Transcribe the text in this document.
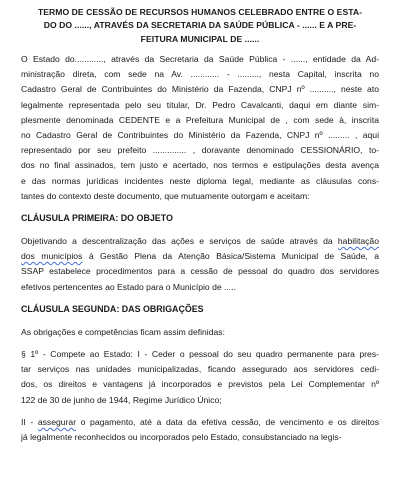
TERMO DE CESSÃO DE RECURSOS HUMANOS CELEBRADO ENTRE O ESTA-
DO DO ......, ATRAVÉS DA SECRETARIA DA SAÚDE PÚBLICA - ...... E A PRE-
FEITURA MUNICIPAL DE ......
O Estado do............, através da Secretaria da Saúde Pública - ......, entidade da Ad-
ministração direta, com sede na Av. ............ - ........., nesta Capital, inscrita no
Cadastro Geral de Contribuintes do Ministério da Fazenda, CNPJ nº .........., neste ato
legalmente representada pelo seu titular, Dr. Pedro Cavalcanti, daqui em diante sim-
plesmente denominada CEDENTE e a Prefeitura Municipal de , com sede à, inscrita
no Cadastro Geral de Contribuintes do Ministério da Fazenda, CNPJ nº ......... , aqui
representado por seu prefeito .............. , doravante denominado CESSIONÁRIO, to-
dos no final assinados, tem justo e acertado, nos termos e estipulações desta avença
e das normas jurídicas incidentes neste diploma legal, mediante as cláusulas cons-
tantes do contexto deste documento, que mutuamente outorgam e aceitam:
CLÁUSULA PRIMEIRA: DO OBJETO
Objetivando a descentralização das ações e serviços de saúde através da habilitação
dos municípios à Gestão Plena da Atenção Básica/Sistema Municipal de Saúde, a
SSAP estabelece procedimentos para a cessão de pessoal do quadro dos servidores
efetivos pertencentes ao Estado para o Município de .....
CLÁUSULA SEGUNDA: DAS OBRIGAÇÕES
As obrigações e competências ficam assim definidas:
§ 1º - Compete ao Estado: I - Ceder o pessoal do seu quadro permanente para pres-
tar serviços nas unidades municipalizadas, ficando assegurado aos servidores cedi-
dos, os direitos e vantagens já incorporados e previstos pela Lei Complementar nº
122 de 30 de junho de 1944, Regime Jurídico Único;
II - assegurar o pagamento, até a data da efetiva cessão, de vencimento e os direitos
já legalmente reconhecidos ou incorporados pelo Estado, consubstanciado na legis-
